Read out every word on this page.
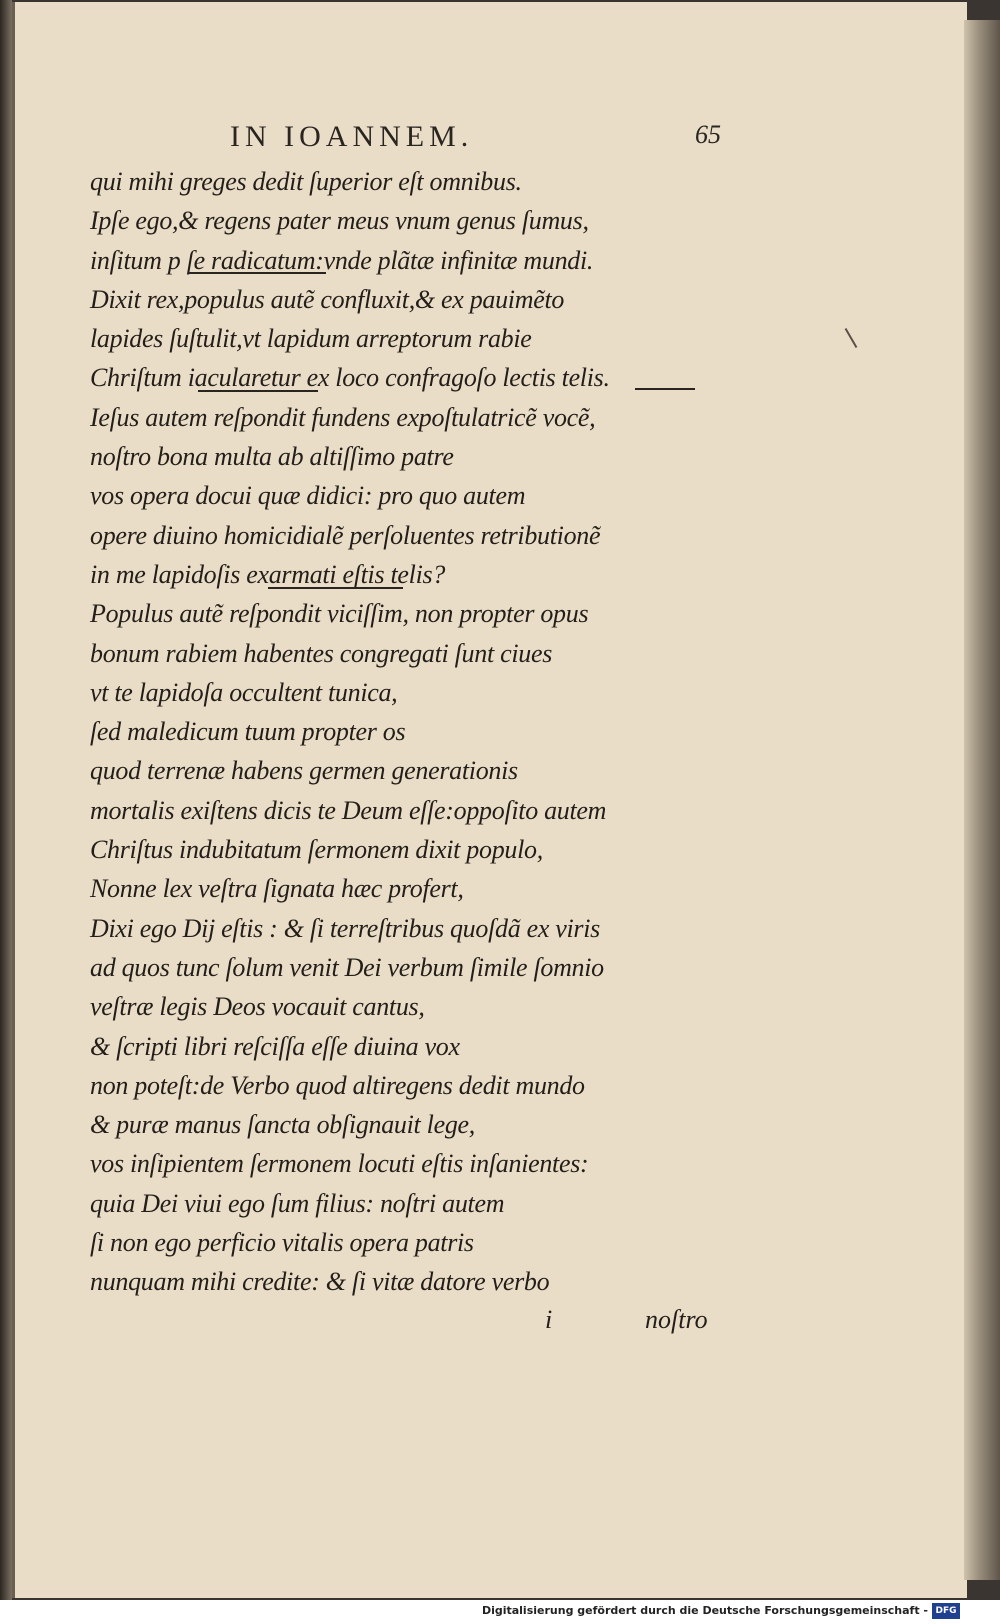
IN IOANNEM.	65
qui mihi greges dedit ſuperior eſt omnibus.
Ipſe ego,& regens pater meus vnum genus ſumus,
inſitum p ſe radicatum:vnde plãtæ infinitæ mundi.
Dixit rex,populus autẽ confluxit,& ex pauimẽto
lapides ſuſtulit,vt lapidum arreptorum rabie
Chriſtum iacularetur ex loco confragoſo lectis telis.
Ieſus autem reſpondit fundens expoſtulatricẽ vocẽ,
noſtro bona multa ab altiſſimo patre
vos opera docui quæ didici: pro quo autem
opere diuino homicidialẽ perſoluentes retributionẽ
in me lapidoſis exarmati eſtis telis?
Populus autẽ reſpondit viciſſim, non propter opus
bonum rabiem habentes congregati ſunt ciues
vt te lapidoſa occultent tunica,
ſed maledicum tuum propter os
quod terrenæ habens germen generationis
mortalis exiſtens dicis te Deum eſſe:oppoſito autem
Chriſtus indubitatum ſermonem dixit populo,
Nonne lex veſtra ſignata hæc profert,
Dixi ego Dij eſtis : & ſi terreſtribus quoſdã ex viris
ad quos tunc ſolum venit Dei verbum ſimile ſomnio
veſtræ legis Deos vocauit cantus,
& ſcripti libri reſciſſa eſſe diuina vox
non poteſt:de Verbo quod altiregens dedit mundo
& puræ manus ſancta obſignauit lege,
vos inſipientem ſermonem locuti eſtis inſanientes:
quia Dei viui ego ſum filius: noſtri autem
ſi non ego perficio vitalis opera patris
nunquam mihi credite: & ſi vitæ datore verbo
i	noſtro
Digitalisierung gefördert durch die Deutsche Forschungsgemeinschaft - DFG
